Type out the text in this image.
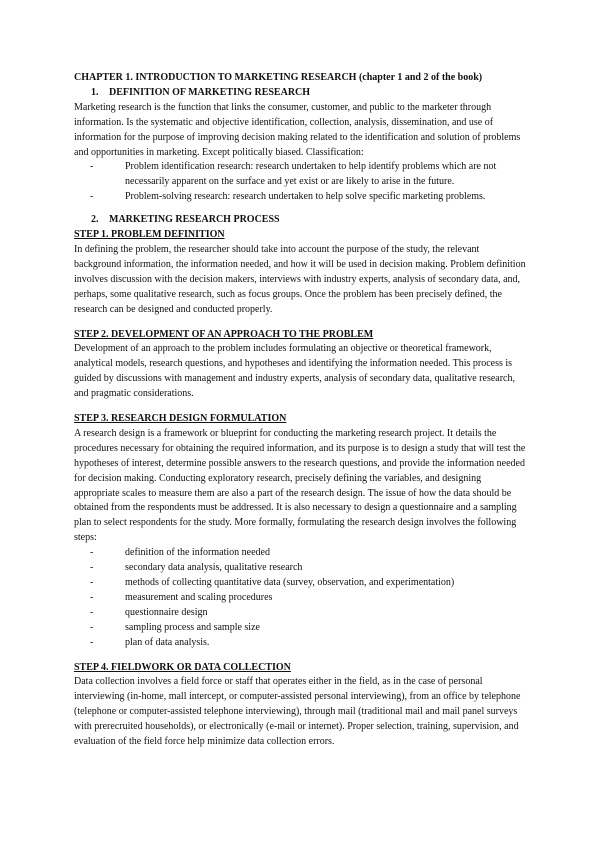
CHAPTER 1. INTRODUCTION TO MARKETING RESEARCH (chapter 1 and 2 of the book)

1.	DEFINITION OF MARKETING RESEARCH

Marketing research is the function that links the consumer, customer, and public to the marketer through information. Is the systematic and objective identification, collection, analysis, dissemination, and use of information for the purpose of improving decision making related to the identification and solution of problems and opportunities in marketing. Except politically biased. Classification:

-	Problem identification research: research undertaken to help identify problems which are not necessarily apparent on the surface and yet exist or are likely to arise in the future.
-	Problem-solving research: research undertaken to help solve specific marketing problems.
2.	MARKETING RESEARCH PROCESS

STEP 1. PROBLEM DEFINITION

In defining the problem, the researcher should take into account the purpose of the study, the relevant background information, the information needed, and how it will be used in decision making. Problem definition involves discussion with the decision makers, interviews with industry experts, analysis of secondary data, and, perhaps, some qualitative research, such as focus groups. Once the problem has been precisely defined, the research can be designed and conducted properly.

STEP 2. DEVELOPMENT OF AN APPROACH TO THE PROBLEM

Development of an approach to the problem includes formulating an objective or theoretical framework, analytical models, research questions, and hypotheses and identifying the information needed. This process is guided by discussions with management and industry experts, analysis of secondary data, qualitative research, and pragmatic considerations.

STEP 3. RESEARCH DESIGN FORMULATION

A research design is a framework or blueprint for conducting the marketing research project. It details the procedures necessary for obtaining the required information, and its purpose is to design a study that will test the hypotheses of interest, determine possible answers to the research questions, and provide the information needed for decision making. Conducting exploratory research, precisely defining the variables, and designing appropriate scales to measure them are also a part of the research design. The issue of how the data should be obtained from the respondents must be addressed. It is also necessary to design a questionnaire and a sampling plan to select respondents for the study. More formally, formulating the research design involves the following steps:

-	definition of the information needed
-	secondary data analysis, qualitative research
-	methods of collecting quantitative data (survey, observation, and experimentation)
-	measurement and scaling procedures
-	questionnaire design
-	sampling process and sample size
-	plan of data analysis.

STEP 4. FIELDWORK OR DATA COLLECTION

Data collection involves a field force or staff that operates either in the field, as in the case of personal interviewing (in-home, mall intercept, or computer-assisted personal interviewing), from an office by telephone (telephone or computer-assisted telephone interviewing), through mail (traditional mail and mail panel surveys with prerecruited households), or electronically (e-mail or internet). Proper selection, training, supervision, and evaluation of the field force help minimize data collection errors.
